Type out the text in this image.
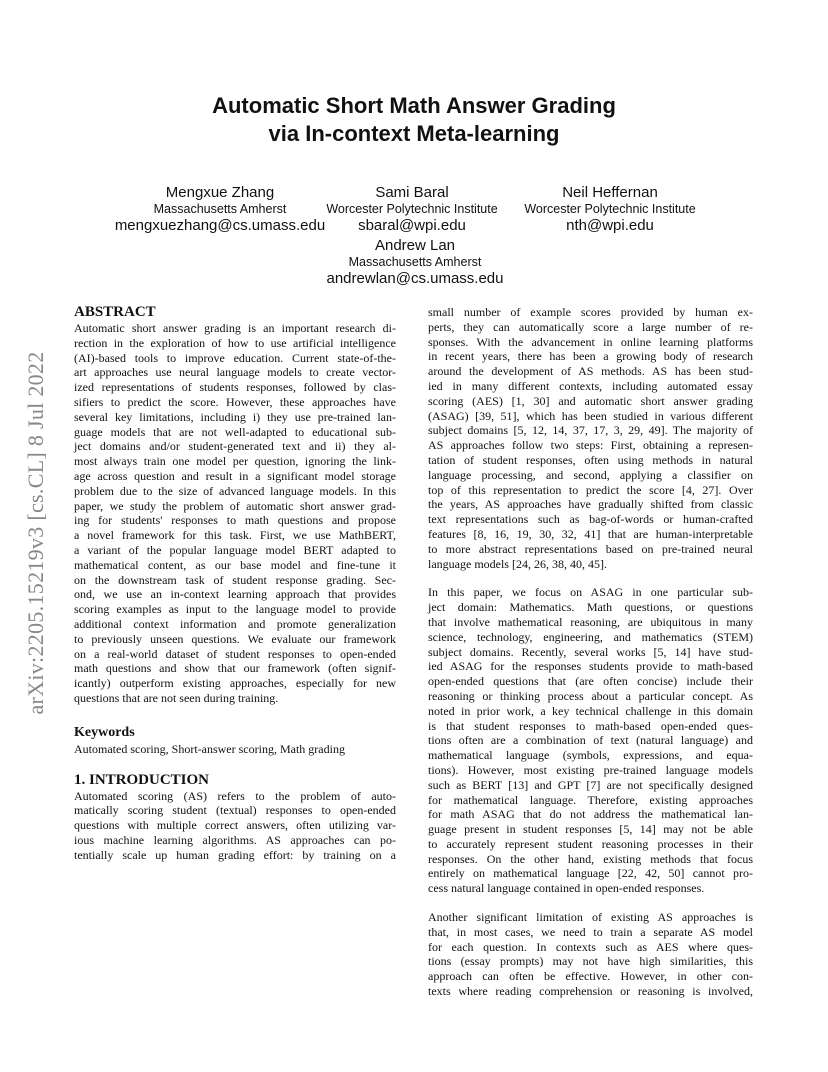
Automatic Short Math Answer Grading
via In-context Meta-learning
Mengxue Zhang
Massachusetts Amherst
mengxuezhang@cs.umass.edu
Sami Baral
Worcester Polytechnic Institute
sbaral@wpi.edu
Neil Heffernan
Worcester Polytechnic Institute
nth@wpi.edu
Andrew Lan
Massachusetts Amherst
andrewlan@cs.umass.edu
arXiv:2205.15219v3 [cs.CL] 8 Jul 2022
ABSTRACT
Automatic short answer grading is an important research di-
rection in the exploration of how to use artificial intelligence
(AI)-based tools to improve education. Current state-of-the-
art approaches use neural language models to create vector-
ized representations of students responses, followed by clas-
sifiers to predict the score. However, these approaches have
several key limitations, including i) they use pre-trained lan-
guage models that are not well-adapted to educational sub-
ject domains and/or student-generated text and ii) they al-
most always train one model per question, ignoring the link-
age across question and result in a significant model storage
problem due to the size of advanced language models. In this
paper, we study the problem of automatic short answer grad-
ing for students' responses to math questions and propose
a novel framework for this task. First, we use MathBERT,
a variant of the popular language model BERT adapted to
mathematical content, as our base model and fine-tune it
on the downstream task of student response grading. Sec-
ond, we use an in-context learning approach that provides
scoring examples as input to the language model to provide
additional context information and promote generalization
to previously unseen questions. We evaluate our framework
on a real-world dataset of student responses to open-ended
math questions and show that our framework (often signif-
icantly) outperform existing approaches, especially for new
questions that are not seen during training.
Keywords
Automated scoring, Short-answer scoring, Math grading
1. INTRODUCTION
Automated scoring (AS) refers to the problem of auto-
matically scoring student (textual) responses to open-ended
questions with multiple correct answers, often utilizing var-
ious machine learning algorithms. AS approaches can po-
tentially scale up human grading effort: by training on a
small number of example scores provided by human ex-
perts, they can automatically score a large number of re-
sponses. With the advancement in online learning platforms
in recent years, there has been a growing body of research
around the development of AS methods. AS has been stud-
ied in many different contexts, including automated essay
scoring (AES) [1, 30] and automatic short answer grading
(ASAG) [39, 51], which has been studied in various different
subject domains [5, 12, 14, 37, 17, 3, 29, 49]. The majority of
AS approaches follow two steps: First, obtaining a represen-
tation of student responses, often using methods in natural
language processing, and second, applying a classifier on
top of this representation to predict the score [4, 27]. Over
the years, AS approaches have gradually shifted from classic
text representations such as bag-of-words or human-crafted
features [8, 16, 19, 30, 32, 41] that are human-interpretable
to more abstract representations based on pre-trained neural
language models [24, 26, 38, 40, 45].
In this paper, we focus on ASAG in one particular sub-
ject domain: Mathematics. Math questions, or questions
that involve mathematical reasoning, are ubiquitous in many
science, technology, engineering, and mathematics (STEM)
subject domains. Recently, several works [5, 14] have stud-
ied ASAG for the responses students provide to math-based
open-ended questions that (are often concise) include their
reasoning or thinking process about a particular concept. As
noted in prior work, a key technical challenge in this domain
is that student responses to math-based open-ended ques-
tions often are a combination of text (natural language) and
mathematical language (symbols, expressions, and equa-
tions). However, most existing pre-trained language models
such as BERT [13] and GPT [7] are not specifically designed
for mathematical language. Therefore, existing approaches
for math ASAG that do not address the mathematical lan-
guage present in student responses [5, 14] may not be able
to accurately represent student reasoning processes in their
responses. On the other hand, existing methods that focus
entirely on mathematical language [22, 42, 50] cannot pro-
cess natural language contained in open-ended responses.
Another significant limitation of existing AS approaches is
that, in most cases, we need to train a separate AS model
for each question. In contexts such as AES where ques-
tions (essay prompts) may not have high similarities, this
approach can often be effective. However, in other con-
texts where reading comprehension or reasoning is involved,
